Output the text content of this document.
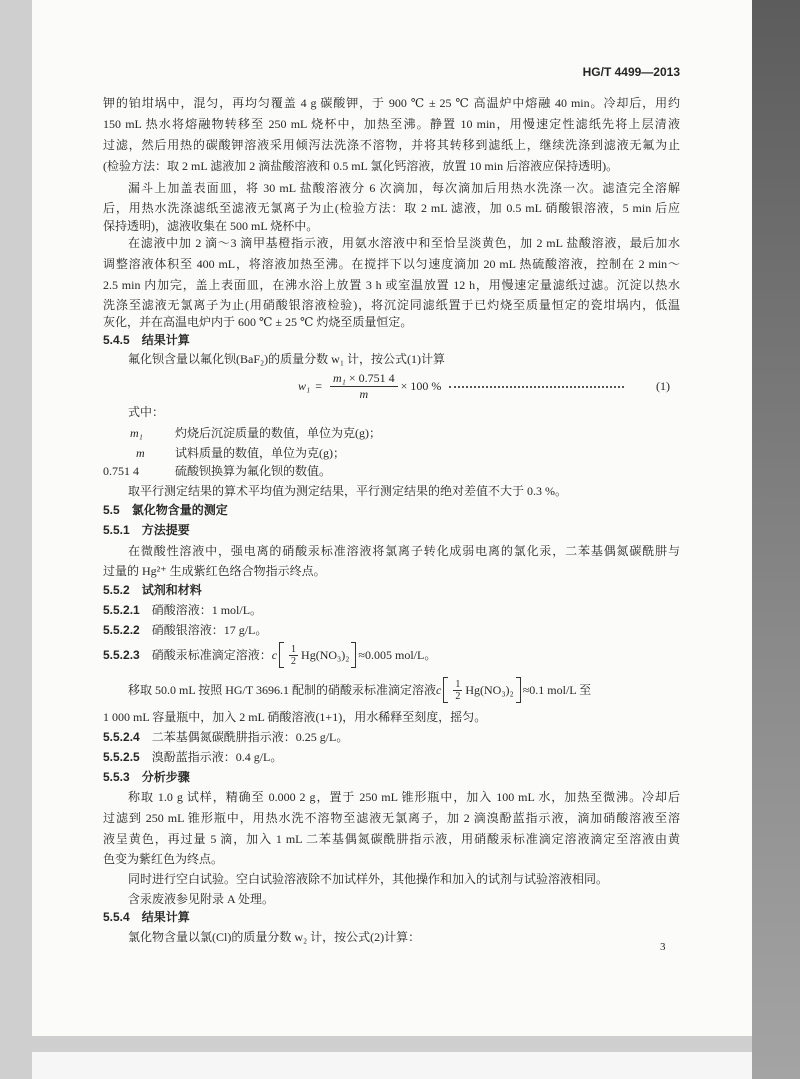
HG/T 4499—2013
钾的铂坩埚中，混匀，再均匀覆盖 4 g 碳酸钾，于 900 ℃ ± 25 ℃ 高温炉中熔融 40 min。冷却后，用约
150 mL 热水将熔融物转移至 250 mL 烧杯中，加热至沸。静置 10 min，用慢速定性滤纸先将上层清液
过滤，然后用热的碳酸钾溶液采用倾泻法洗涤不溶物，并将其转移到滤纸上，继续洗涤到滤液无氟为止
(检验方法：取 2 mL 滤液加 2 滴盐酸溶液和 0.5 mL 氯化钙溶液，放置 10 min 后溶液应保持透明)。
漏斗上加盖表面皿，将 30 mL 盐酸溶液分 6 次滴加，每次滴加后用热水洗涤一次。滤渣完全溶解
后，用热水洗涤滤纸至滤液无氯离子为止(检验方法：取 2 mL 滤液，加 0.5 mL 硝酸银溶液，5 min 后应
保持透明)，滤液收集在 500 mL 烧杯中。
在滤液中加 2 滴～3 滴甲基橙指示液，用氨水溶液中和至恰呈淡黄色，加 2 mL 盐酸溶液，最后加水
调整溶液体积至 400 mL，将溶液加热至沸。在搅拌下以匀速度滴加 20 mL 热硫酸溶液，控制在 2 min～
2.5 min 内加完，盖上表面皿，在沸水浴上放置 3 h 或室温放置 12 h，用慢速定量滤纸过滤。沉淀以热水
洗涤至滤液无氯离子为止(用硝酸银溶液检验)，将沉淀同滤纸置于已灼烧至质量恒定的瓷坩埚内，低温
灰化，并在高温电炉内于 600 ℃ ± 25 ℃ 灼烧至质量恒定。
5.4.5 结果计算
氟化钡含量以氟化钡(BaF₂)的质量分数 w₁ 计，按公式(1)计算
$w_1 = \frac{\text{m₁ × 0.751 4}}{m} \times 100$ %	(1)
式中：
m₁	灼烧后沉淀质量的数值，单位为克(g)；
m	试料质量的数值，单位为克(g)；
0.751 4	硫酸钡换算为氟化钡的数值。
取平行测定结果的算术平均值为测定结果，平行测定结果的绝对差值不大于 0.3 %。
5.5 氯化物含量的测定
5.5.1 方法提要
在微酸性溶液中，强电离的硝酸汞标准溶液将氯离子转化成弱电离的氯化汞，二苯基偶氮碳酰肼与
过量的 Hg²⁺ 生成紫红色络合物指示终点。
5.5.2 试剂和材料
5.5.2.1 硝酸溶液：1 mol/L。
5.5.2.2 硝酸银溶液：17 g/L。
5.5.2.3 硝酸汞标准滴定溶液： c $\frac{1}{2} Hg(NO_3)_2 \approx 0.005$ mol/L。
移取 50.0 mL 按照 HG/T 3696.1 配制的硝酸汞标准滴定溶液 c $\frac{1}{2} Hg(NO_3)_2 \approx 0.1$ mol/L 至
1 000 mL 容量瓶中，加入 2 mL 硝酸溶液(1+1)，用水稀释至刻度，摇匀。
5.5.2.4 二苯基偶氮碳酰肼指示液：0.25 g/L。
5.5.2.5 溴酚蓝指示液：0.4 g/L。
5.5.3 分析步骤
称取 1.0 g 试样，精确至 0.000 2 g，置于 250 mL 锥形瓶中，加入 100 mL 水，加热至微沸。冷却后
过滤到 250 mL 锥形瓶中，用热水洗不溶物至滤液无氯离子，加 2 滴溴酚蓝指示液，滴加硝酸溶液至溶
液呈黄色，再过量 5 滴，加入 1 mL 二苯基偶氮碳酰肼指示液，用硝酸汞标准滴定溶液滴定至溶液由黄
色变为紫红色为终点。
同时进行空白试验。空白试验溶液除不加试样外，其他操作和加入的试剂与试验溶液相同。
含汞废液参见附录 A 处理。
5.5.4 结果计算
氯化物含量以氯(Cl)的质量分数 w₂ 计，按公式(2)计算：
3
